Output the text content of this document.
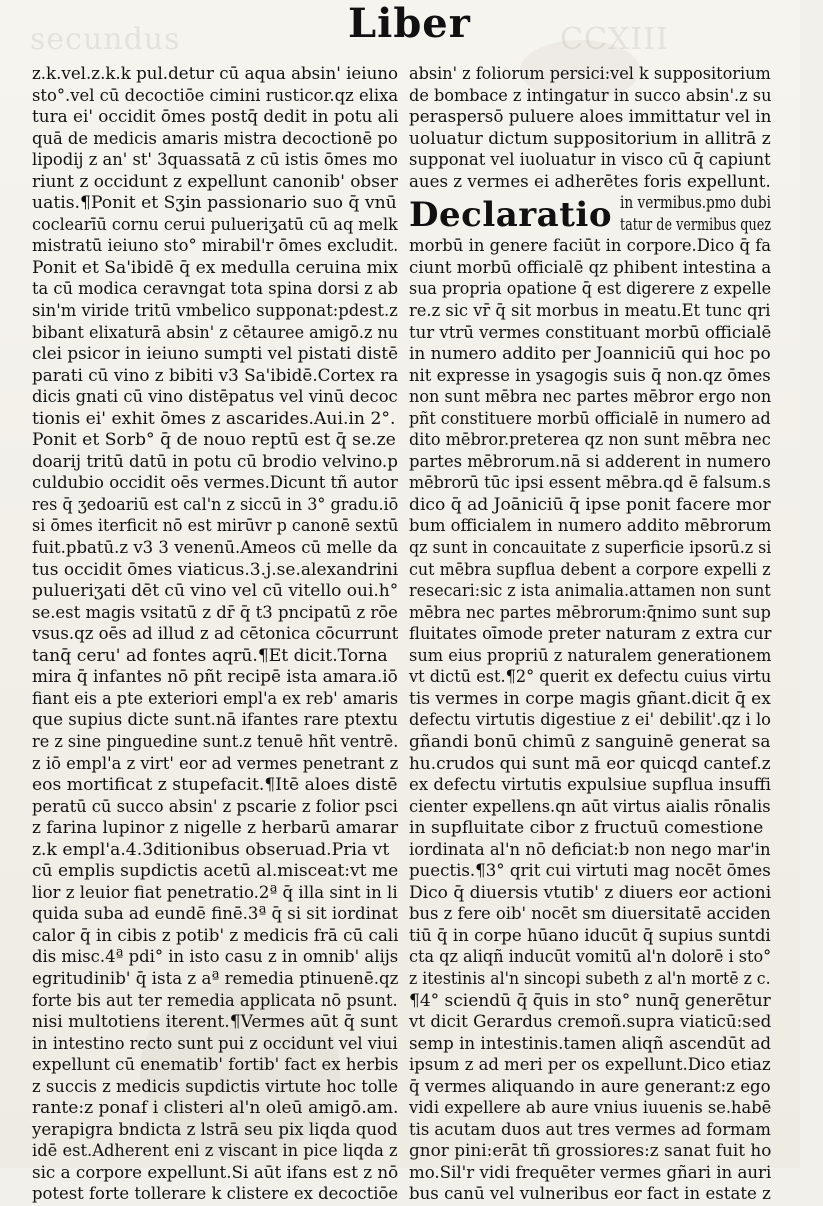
secundus	CCXIII
Liber
z.k.vel.z.k.k pul.detur cū aqua absin' ieiuno
sto°.vel cū decoctiōe cimini rusticor.qz elixa
tura ei' occidit ōmes postq̄ dedit in potu ali
quā de medicis amaris mistra decoctionē po
lipodij z an' st' 3quassatā z cū istis ōmes mo
riunt z occidunt z expellunt canonib' obser
uatis.¶Ponit et Sʒin passionario suo q̄ vnū
coclearīū cornu cerui pulueriʒatū cū aq melk
mistratū ieiuno sto° mirabil'r ōmes excludit.
Ponit et Sa'ibidē q̄ ex medulla ceruina mix
ta cū modica ceravngat tota spina dorsi z ab
sin'm viride tritū vmbelico supponat:pdest.z
bibant elixaturā absin' z cētauree amigō.z nu
clei psicor in ieiuno sumpti vel pistati distē
parati cū vino z bibiti v3 Sa'ibidē.Cortex ra
dicis gnati cū vino distēpatus vel vinū decoc
tionis ei' exhit ōmes z ascarides.Aui.in 2°.
Ponit et Sorb° q̄ de nouo reptū est q̄ se.ze
doarij tritū datū in potu cū brodio velvino.p
culdubio occidit oēs vermes.Dicunt tñ autor
res q̄ ʒedoariū est cal'n z siccū in 3° gradu.iō
si ōmes iterficit nō est mirūvr p canonē sextū
fuit.pbatū.z v3 3 venenū.Ameos cū melle da
tus occidit ōmes viaticus.3.j.se.alexandrini
pulueriʒati dēt cū vino vel cū vitello oui.h°
se.est magis vsitatū z dr̄ q̄ t3 pncipatū z rōe
vsus.qz oēs ad illud z ad cētonica cōcurrunt
tanq̄ ceru' ad fontes aqrū.¶Et dicit.Torna
mira q̄ infantes nō pñt recipē ista amara.iō
fiant eis a pte exteriori empl'a ex reb' amaris
que supius dicte sunt.nā ifantes rare ptextu
re z sine pinguedine sunt.z tenuē hñt ventrē.
z iō empl'a z virt' eor ad vermes penetrant z
eos mortificat z stupefacit.¶Itē aloes distē
peratū cū succo absin' z pscarie z folior psci
z farina lupinor z nigelle z herbarū amarar
z.k empl'a.4.3ditionibus obseruad.Pria vt
cū emplis supdictis acetū al.misceat:vt me
lior z leuior fiat penetratio.2ª q̄ illa sint in li
quida suba ad eundē finē.3ª q̄ si sit iordinat
calor q̄ in cibis z potib' z medicis frā cū cali
dis misc.4ª pdi° in isto casu z in omnib' alijs
egritudinib' q̄ ista z aª remedia ptinuenē.qz
forte bis aut ter remedia applicata nō psunt.
nisi multotiens iterent.¶Vermes aūt q̄ sunt
in intestino recto sunt pui z occidunt vel viui
expellunt cū enematib' fortib' fact ex herbis
z succis z medicis supdictis virtute hoc tolle
rante:z ponaf i clisteri al'n oleū amigō.am.
yerapigra bndicta z lstrā seu pix liqda quod
idē est.Adherent eni z viscant in pice liqda z
sic a corpore expellunt.Si aūt ifans est z nō
potest forte tollerare k clistere ex decoctiōe
absin' z foliorum persici:vel k suppositorium
de bombace z intingatur in succo absin'.z su
peraspersō puluere aloes immittatur vel in
uoluatur dictum suppositorium in allitrā z
supponat vel iuoluatur in visco cū q̄ capiunt
aues z vermes ei adherētes foris expellunt.
Declaratio in vermibus.pmo dubi
tatur de vermibus quez
morbū in genere faciūt in corpore.Dico q̄ fa
ciunt morbū officialē qz phibent intestina a
sua propria opatione q̄ est digerere z expelle
re.z sic vr̄ q̄ sit morbus in meatu.Et tunc qri
tur vtrū vermes constituant morbū officialē
in numero addito per Joanniciū qui hoc po
nit expresse in ysagogis suis q̄ non.qz ōmes
non sunt mēbra nec partes mēbror ergo non
pñt constituere morbū officialē in numero ad
dito mēbror.preterea qz non sunt mēbra nec
partes mēbrorum.nā si adderent in numero
mēbrorū tūc ipsi essent mēbra.qd ē falsum.s
dico q̄ ad Joāniciū q̄ ipse ponit facere mor
bum officialem in numero addito mēbrorum
qz sunt in concauitate z superficie ipsorū.z si
cut mēbra supflua debent a corpore expelli z
resecari:sic z ista animalia.attamen non sunt
mēbra nec partes mēbrorum:q̄nimo sunt sup
fluitates oīmode preter naturam z extra cur
sum eius propriū z naturalem generationem
vt dictū est.¶2° querit ex defectu cuius virtu
tis vermes in corpe magis gñant.dicit q̄ ex
defectu virtutis digestiue z ei' debilit'.qz i lo
gñandi bonū chimū z sanguinē generat sa
hu.crudos qui sunt mā eor quicqd cantef.z
ex defectu virtutis expulsiue supflua insuffi
cienter expellens.qn aūt virtus aialis rōnalis
in supfluitate cibor z fructuū comestione
iordinata al'n nō deficiat:b non nego mar'in
puectis.¶3° qrit cui virtuti mag nocēt ōmes
Dico q̄ diuersis vtutib' z diuers eor actioni
bus z fere oib' nocēt sm diuersitatē acciden
tiū q̄ in corpe hūano iducūt q̄ supius suntdi
cta qz aliqñ inducūt vomitū al'n dolorē i sto°
z itestinis al'n sincopi subeth z al'n mortē z c.
¶4° sciendū q̄ q̄uis in sto° nunq̄ generētur
vt dicit Gerardus cremoñ.supra viaticū:sed
semp in intestinis.tamen aliqñ ascendūt ad
ipsum z ad meri per os expellunt.Dico etiaz
q̄ vermes aliquando in aure generant:z ego
vidi expellere ab aure vnius iuuenis se.habē
tis acutam duos aut tres vermes ad formam
gnor pini:erāt tñ grossiores:z sanat fuit ho
mo.Sil'r vidi frequēter vermes gñari in auri
bus canū vel vulneribus eor fact in estate z
